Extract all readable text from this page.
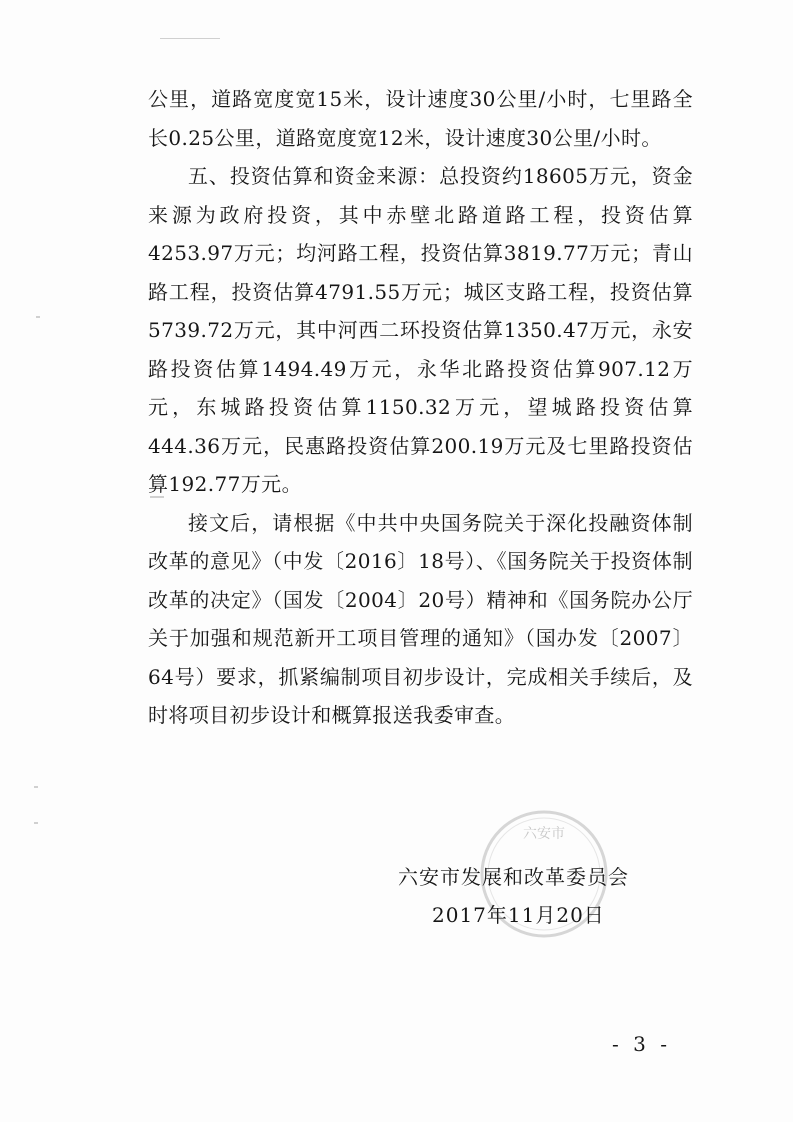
公里，道路宽度宽15米，设计速度30公里/小时，七里路全长0.25公里，道路宽度宽12米，设计速度30公里/小时。

五、投资估算和资金来源：总投资约18605万元，资金来源为政府投资，其中赤壁北路道路工程，投资估算4253.97万元；均河路工程，投资估算3819.77万元；青山路工程，投资估算4791.55万元；城区支路工程，投资估算5739.72万元，其中河西二环投资估算1350.47万元，永安路投资估算1494.49万元，永华北路投资估算907.12万元，东城路投资估算1150.32万元，望城路投资估算444.36万元，民惠路投资估算200.19万元及七里路投资估算192.77万元。

接文后，请根据《中共中央国务院关于深化投融资体制改革的意见》（中发〔2016〕18号）、《国务院关于投资体制改革的决定》（国发〔2004〕20号）精神和《国务院办公厅关于加强和规范新开工项目管理的通知》（国办发〔2007〕64号）要求，抓紧编制项目初步设计，完成相关手续后，及时将项目初步设计和概算报送我委审查。

六安市
六安市发展和改革委员会
2017年11月20日
- 3 -
